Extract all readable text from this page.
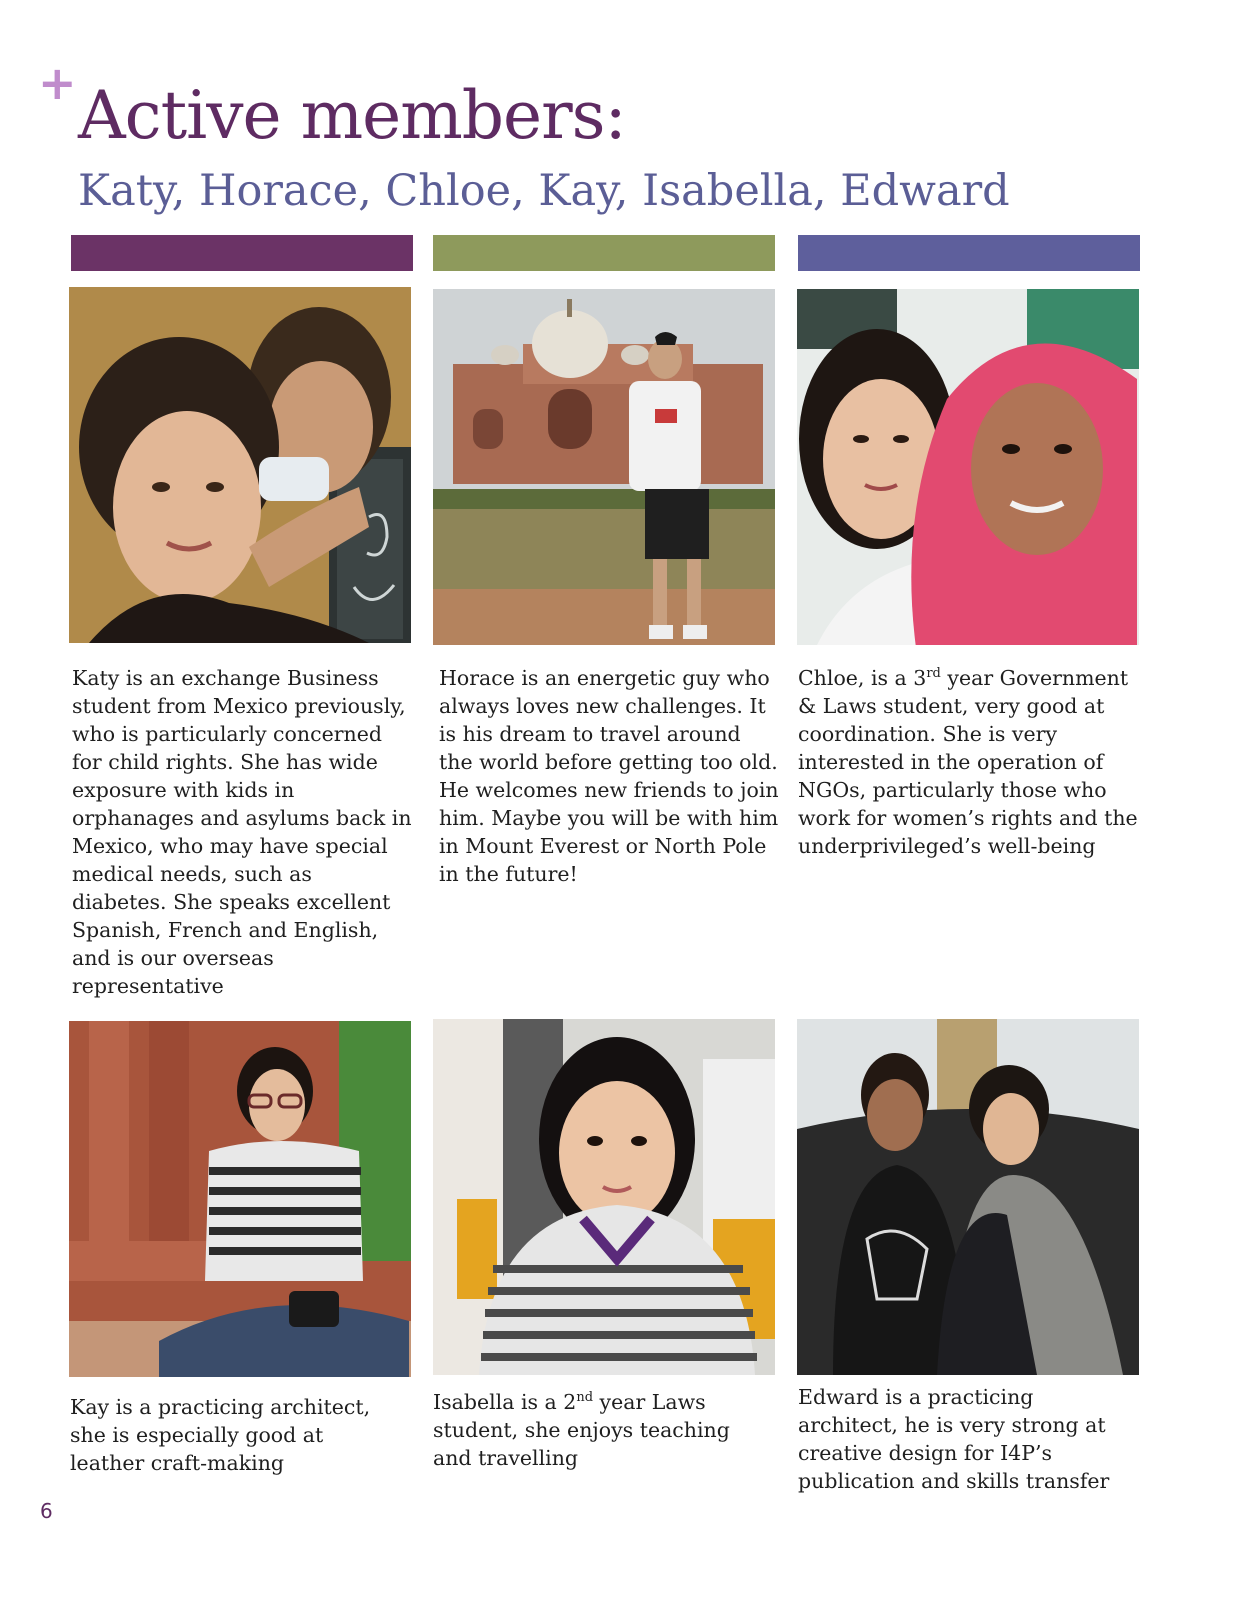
+ Active members:
Katy, Horace, Chloe, Kay, Isabella, Edward

Katy is an exchange Business student from Mexico previously, who is particularly concerned for child rights. She has wide exposure with kids in orphanages and asylums back in Mexico, who may have special medical needs, such as diabetes. She speaks excellent Spanish, French and English, and is our overseas representative

Horace is an energetic guy who always loves new challenges. It is his dream to travel around the world before getting too old. He welcomes new friends to join him. Maybe you will be with him in Mount Everest or North Pole in the future!

Chloe, is a 3rd year Government & Laws student, very good at coordination. She is very interested in the operation of NGOs, particularly those who work for women’s rights and the underprivileged’s well-being

Kay is a practicing architect, she is especially good at leather craft-making

Isabella is a 2nd year Laws student, she enjoys teaching and travelling

Edward is a practicing architect, he is very strong at creative design for I4P’s publication and skills transfer

6
